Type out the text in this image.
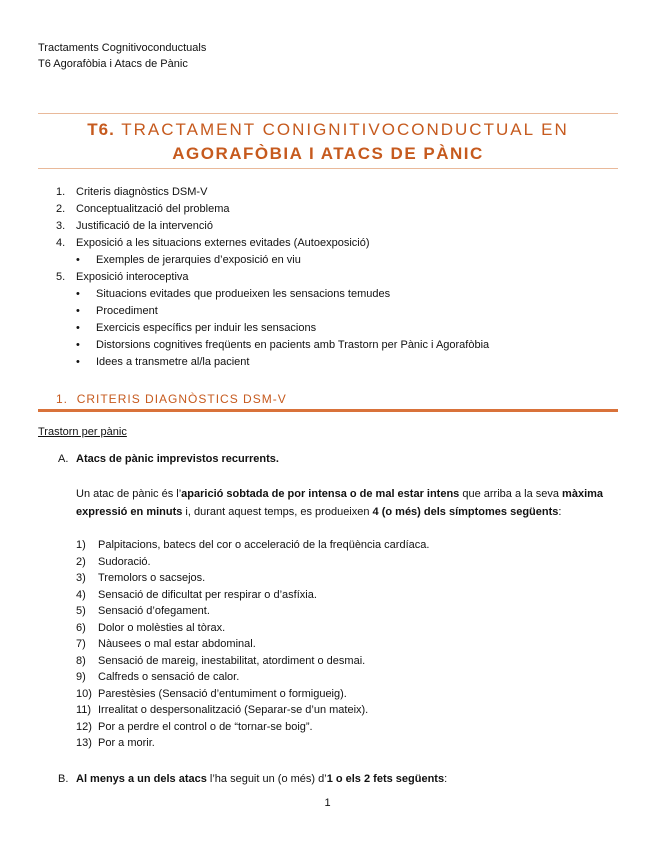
Tractaments Cognitivoconductuals
T6 Agorafòbia i Atacs de Pànic
T6. TRACTAMENT CONIGNITIVOCONDUCTUAL EN
AGORAFÒBIA I ATACS DE PÀNIC
1. Criteris diagnòstics DSM-V
2. Conceptualització del problema
3. Justificació de la intervenció
4. Exposició a les situacions externes evitades (Autoexposició)
•	Exemples de jerarquies d’exposició en viu
5. Exposició interoceptiva
•	Situacions evitades que produeixen les sensacions temudes
•	Procediment
•	Exercicis específics per induir les sensacions
•	Distorsions cognitives freqüents en pacients amb Trastorn per Pànic i Agorafòbia
•	Idees a transmetre al/la pacient
1. CRITERIS DIAGNÒSTICS DSM-V
Trastorn per pànic
A. Atacs de pànic imprevistos recurrents.
Un atac de pànic és l’aparició sobtada de por intensa o de mal estar intens que arriba a la seva màxima expressió en minuts i, durant aquest temps, es produeixen 4 (o més) dels símptomes següents:
1)	Palpitacions, batecs del cor o acceleració de la freqüència cardíaca.
2)	Sudoració.
3)	Tremolors o sacsejos.
4)	Sensació de dificultat per respirar o d’asfíxia.
5)	Sensació d’ofegament.
6)	Dolor o molèsties al tòrax.
7)	Nàusees o mal estar abdominal.
8)	Sensació de mareig, inestabilitat, atordiment o desmai.
9)	Calfreds o sensació de calor.
10) Parestèsies (Sensació d’entumiment o formigueig).
11) Irrealitat o despersonalització (Separar-se d’un mateix).
12) Por a perdre el control o de “tornar-se boig”.
13) Por a morir.
B. Al menys a un dels atacs l’ha seguit un (o més) d’1 o els 2 fets següents:
1
